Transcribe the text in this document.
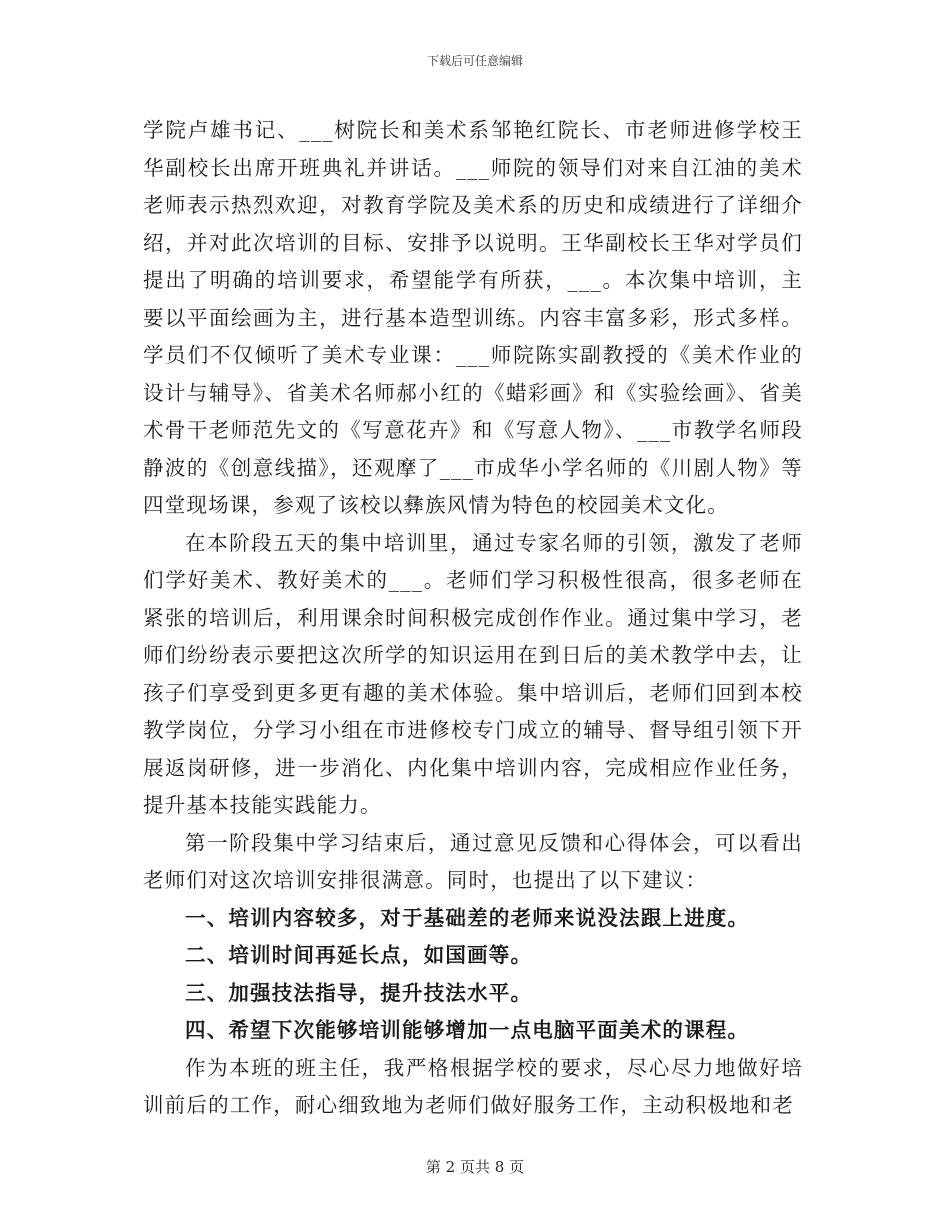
下载后可任意编辑

学院卢雄书记、___树院长和美术系邹艳红院长、市老师进修学校王华副校长出席开班典礼并讲话。___师院的领导们对来自江油的美术老师表示热烈欢迎，对教育学院及美术系的历史和成绩进行了详细介绍，并对此次培训的目标、安排予以说明。王华副校长王华对学员们提出了明确的培训要求，希望能学有所获，___。本次集中培训，主要以平面绘画为主，进行基本造型训练。内容丰富多彩，形式多样。学员们不仅倾听了美术专业课：___师院陈实副教授的《美术作业的设计与辅导》、省美术名师郝小红的《蜡彩画》和《实验绘画》、省美术骨干老师范先文的《写意花卉》和《写意人物》、___市教学名师段静波的《创意线描》，还观摩了___市成华小学名师的《川剧人物》等四堂现场课，参观了该校以彝族风情为特色的校园美术文化。

在本阶段五天的集中培训里，通过专家名师的引领，激发了老师们学好美术、教好美术的___。老师们学习积极性很高，很多老师在紧张的培训后，利用课余时间积极完成创作作业。通过集中学习，老师们纷纷表示要把这次所学的知识运用在到日后的美术教学中去，让孩子们享受到更多更有趣的美术体验。集中培训后，老师们回到本校教学岗位，分学习小组在市进修校专门成立的辅导、督导组引领下开展返岗研修，进一步消化、内化集中培训内容，完成相应作业任务，提升基本技能实践能力。

第一阶段集中学习结束后，通过意见反馈和心得体会，可以看出老师们对这次培训安排很满意。同时，也提出了以下建议：

一、培训内容较多，对于基础差的老师来说没法跟上进度。

二、培训时间再延长点，如国画等。

三、加强技法指导，提升技法水平。

四、希望下次能够培训能够增加一点电脑平面美术的课程。

作为本班的班主任，我严格根据学校的要求，尽心尽力地做好培训前后的工作，耐心细致地为老师们做好服务工作，主动积极地和老

第 2 页共 8 页
